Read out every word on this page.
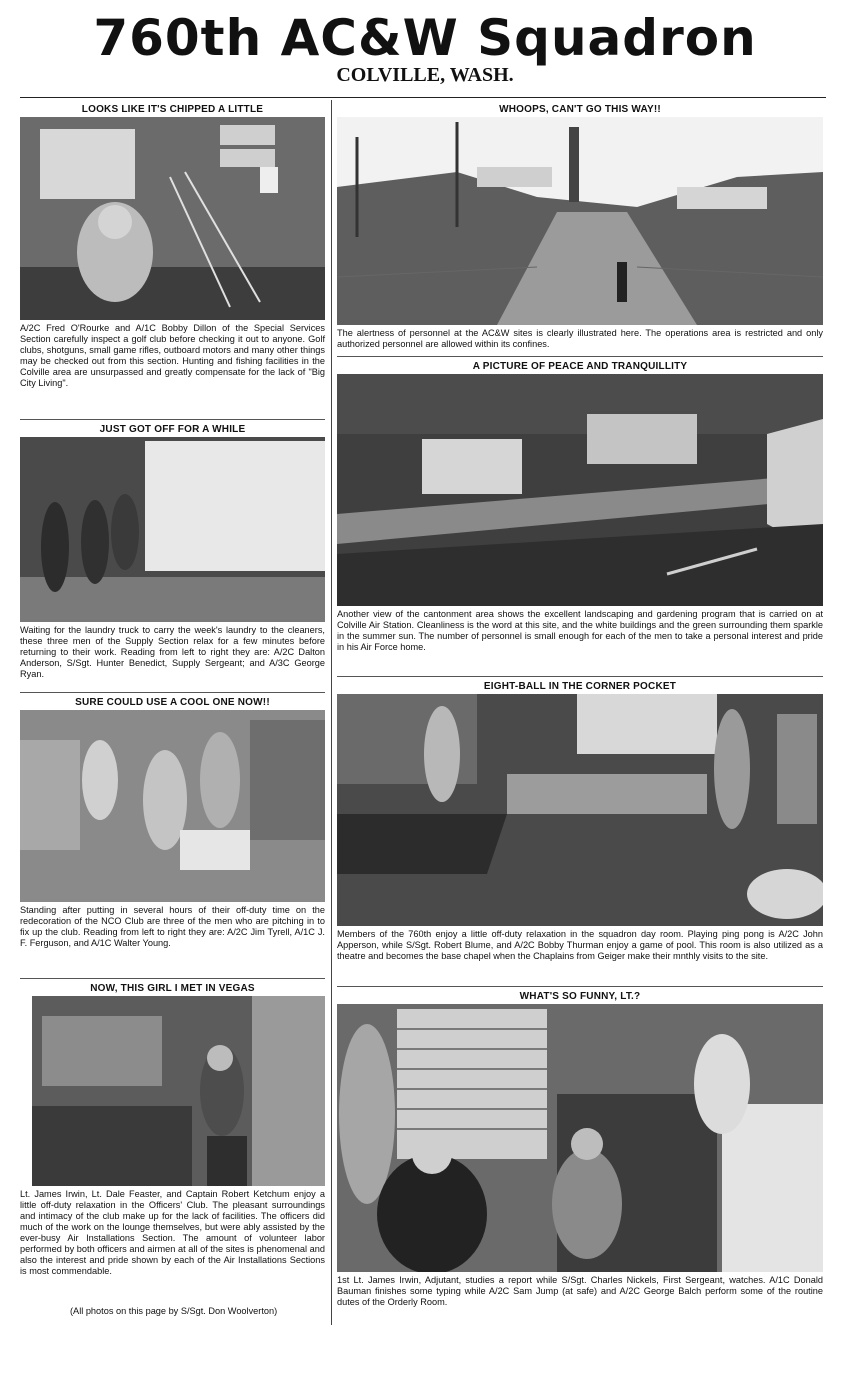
760th AC&W Squadron
COLVILLE, WASH.
LOOKS LIKE IT'S CHIPPED A LITTLE
A/2C Fred O'Rourke and A/1C Bobby Dillon of the Special Services Section carefully inspect a golf club before checking it out to anyone. Golf clubs, shotguns, small game rifles, outboard motors and many other things may be checked out from this section. Hunting and fishing facilities in the Colville area are unsurpassed and greatly compensate for the lack of "Big City Living".
JUST GOT OFF FOR A WHILE
Waiting for the laundry truck to carry the week's laundry to the cleaners, these three men of the Supply Section relax for a few minutes before returning to their work. Reading from left to right they are: A/2C Dalton Anderson, S/Sgt. Hunter Benedict, Supply Sergeant; and A/3C George Ryan.
SURE COULD USE A COOL ONE NOW!!
Standing after putting in several hours of their off-duty time on the redecoration of the NCO Club are three of the men who are pitching in to fix up the club. Reading from left to right they are: A/2C Jim Tyrell, A/1C J. F. Ferguson, and A/1C Walter Young.
NOW, THIS GIRL I MET IN VEGAS
Lt. James Irwin, Lt. Dale Feaster, and Captain Robert Ketchum enjoy a little off-duty relaxation in the Officers' Club. The pleasant surroundings and intimacy of the club make up for the lack of facilities. The officers did much of the work on the lounge themselves, but were ably assisted by the ever-busy Air Installations Section. The amount of volunteer labor performed by both officers and airmen at all of the sites is phenomenal and also the interest and pride shown by each of the Air Installations Sections is most commendable.
(All photos on this page by S/Sgt. Don Woolverton)
WHOOPS, CAN'T GO THIS WAY!!
The alertness of personnel at the AC&W sites is clearly illustrated here. The operations area is restricted and only authorized personnel are allowed within its confines.
A PICTURE OF PEACE AND TRANQUILLITY
Another view of the cantonment area shows the excellent landscaping and gardening program that is carried on at Colville Air Station. Cleanliness is the word at this site, and the white buildings and the green surrounding them sparkle in the summer sun. The number of personnel is small enough for each of the men to take a personal interest and pride in his Air Force home.
EIGHT-BALL IN THE CORNER POCKET
Members of the 760th enjoy a little off-duty relaxation in the squadron day room. Playing ping pong is A/2C John Apperson, while S/Sgt. Robert Blume, and A/2C Bobby Thurman enjoy a game of pool. This room is also utilized as a theatre and becomes the base chapel when the Chaplains from Geiger make their mnthly visits to the site.
WHAT'S SO FUNNY, LT.?
1st Lt. James Irwin, Adjutant, studies a report while S/Sgt. Charles Nickels, First Sergeant, watches. A/1C Donald Bauman finishes some typing while A/2C Sam Jump (at safe) and A/2C George Balch perform some of the routine dutes of the Orderly Room.
